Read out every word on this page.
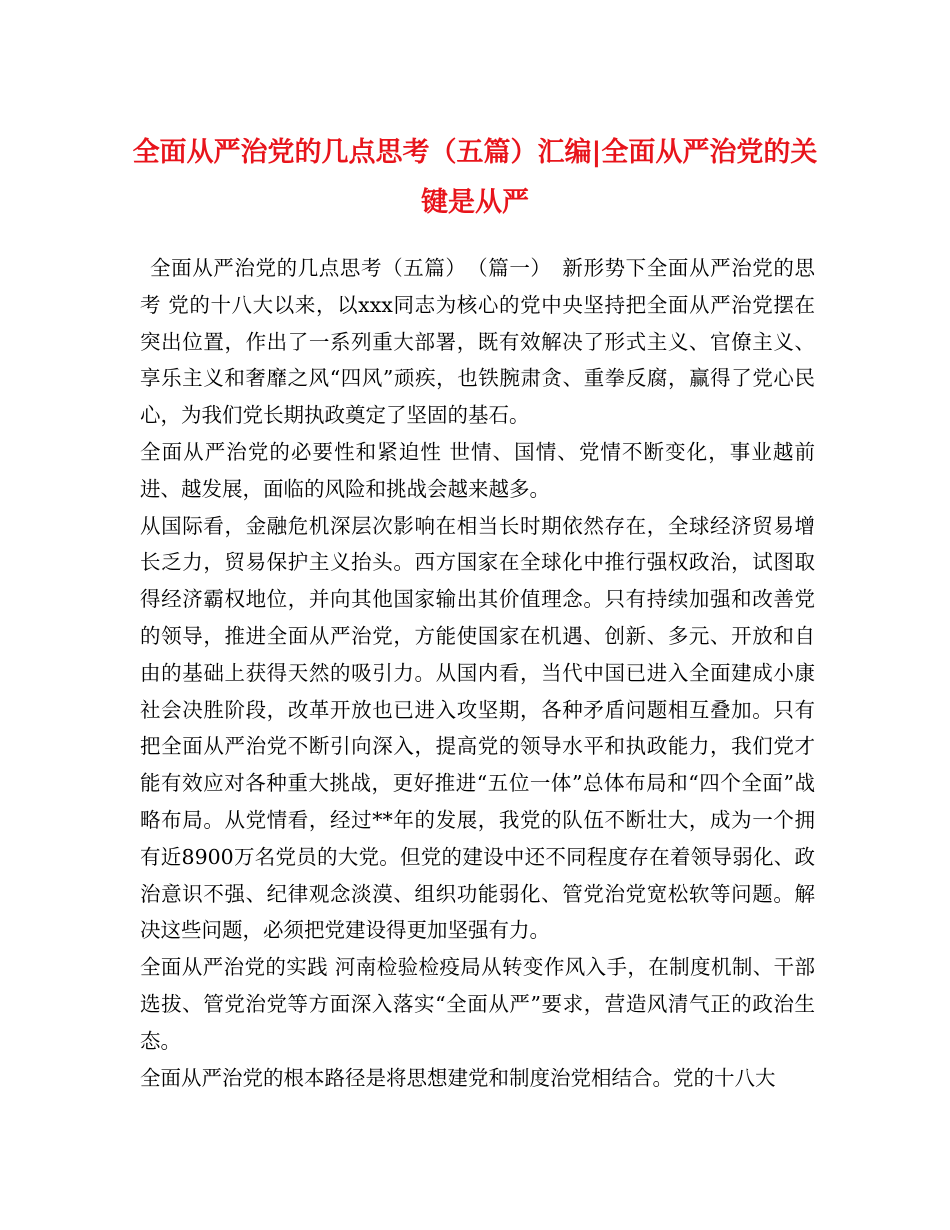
全面从严治党的几点思考（五篇）汇编|全面从严治党的关键是从严

全面从严治党的几点思考（五篇）　（篇一）　新形势下全面从严治党的思考 党的十八大以来，以xxx同志为核心的党中央坚持把全面从严治党摆在突出位置，作出了一系列重大部署，既有效解决了形式主义、官僚主义、享乐主义和奢靡之风“四风”顽疾，也铁腕肃贪、重拳反腐，赢得了党心民心，为我们党长期执政奠定了坚固的基石。

全面从严治党的必要性和紧迫性 世情、国情、党情不断变化，事业越前进、越发展，面临的风险和挑战会越来越多。

从国际看，金融危机深层次影响在相当长时期依然存在，全球经济贸易增长乏力，贸易保护主义抬头。西方国家在全球化中推行强权政治，试图取得经济霸权地位，并向其他国家输出其价值理念。只有持续加强和改善党的领导，推进全面从严治党，方能使国家在机遇、创新、多元、开放和自由的基础上获得天然的吸引力。从国内看，当代中国已进入全面建成小康社会决胜阶段，改革开放也已进入攻坚期，各种矛盾问题相互叠加。只有把全面从严治党不断引向深入，提高党的领导水平和执政能力，我们党才能有效应对各种重大挑战，更好推进“五位一体”总体布局和“四个全面”战略布局。从党情看，经过**年的发展，我党的队伍不断壮大，成为一个拥有近8900万名党员的大党。但党的建设中还不同程度存在着领导弱化、政治意识不强、纪律观念淡漠、组织功能弱化、管党治党宽松软等问题。解决这些问题，必须把党建设得更加坚强有力。

全面从严治党的实践 河南检验检疫局从转变作风入手，在制度机制、干部选拔、管党治党等方面深入落实“全面从严”要求，营造风清气正的政治生态。

全面从严治党的根本路径是将思想建党和制度治党相结合。党的十八大
